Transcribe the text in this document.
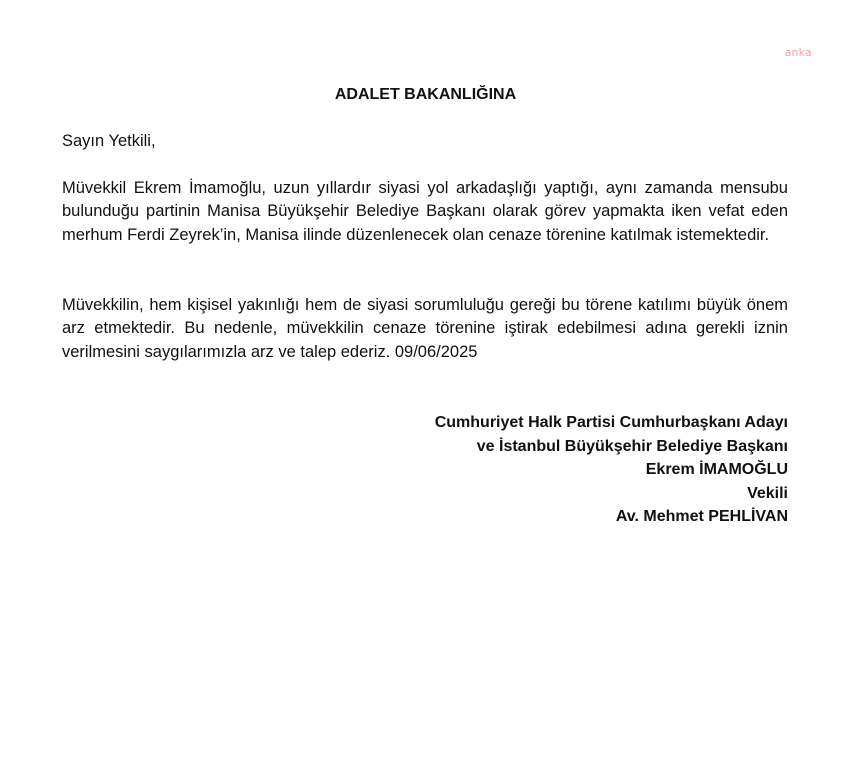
anka
ADALET BAKANLIĞINA
Sayın Yetkili,
Müvekkil Ekrem İmamoğlu, uzun yıllardır siyasi yol arkadaşlığı yaptığı, aynı zamanda mensubu bulunduğu partinin Manisa Büyükşehir Belediye Başkanı olarak görev yapmakta iken vefat eden merhum Ferdi Zeyrek’in, Manisa ilinde düzenlenecek olan cenaze törenine katılmak istemektedir.
Müvekkilin, hem kişisel yakınlığı hem de siyasi sorumluluğu gereği bu törene katılımı büyük önem arz etmektedir. Bu nedenle, müvekkilin cenaze törenine iştirak edebilmesi adına gerekli iznin verilmesini saygılarımızla arz ve talep ederiz. 09/06/2025
Cumhuriyet Halk Partisi Cumhurbaşkanı Adayı
ve İstanbul Büyükşehir Belediye Başkanı
Ekrem İMAMOĞLU
Vekili
Av. Mehmet PEHLİVAN
